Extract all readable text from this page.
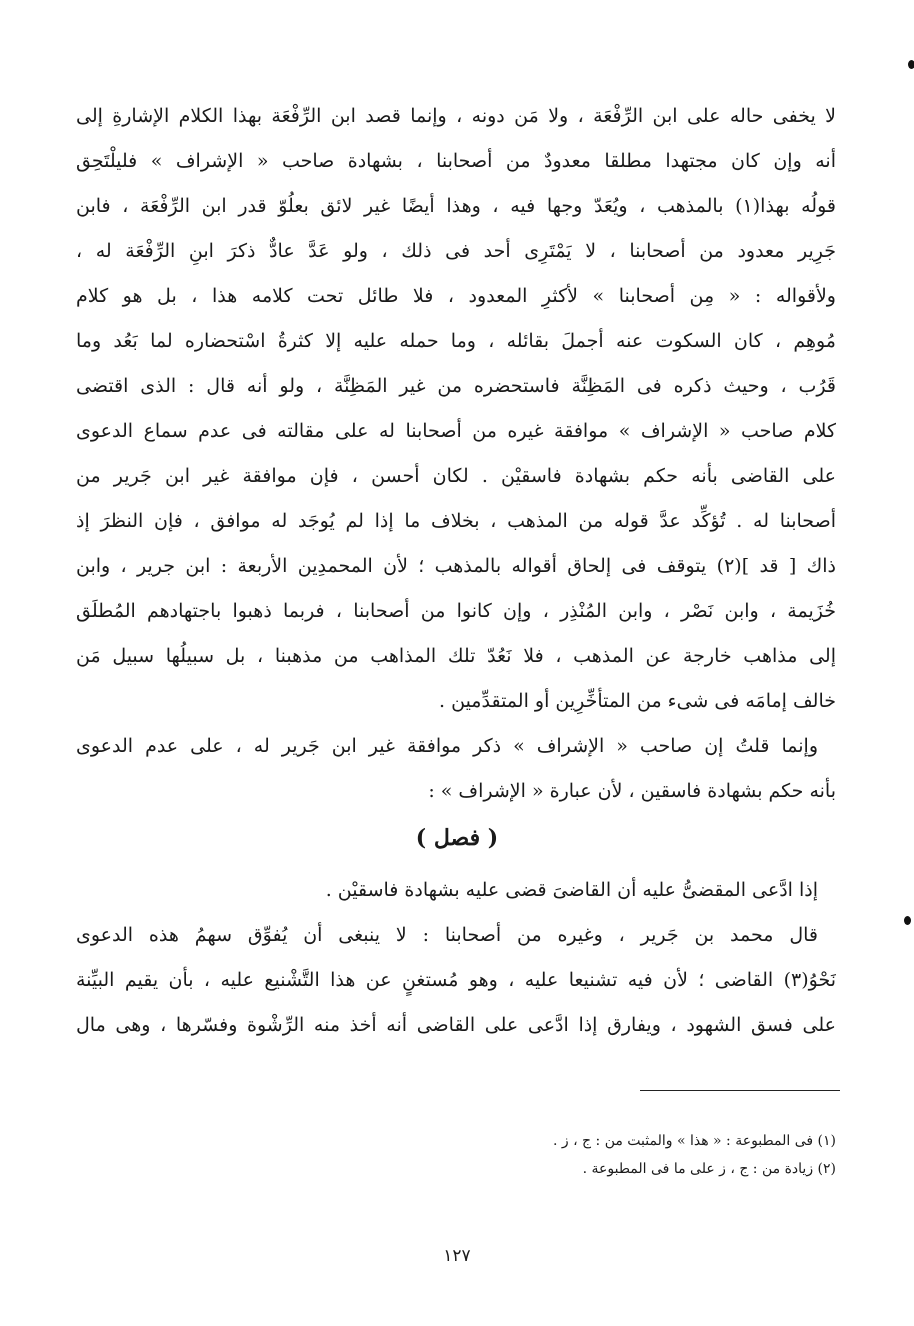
لا يخفى حاله على ابن الرِّفْعَة ، ولا مَن دونه ، وإنما قصد ابن الرِّفْعَة بهذا الكلام الإشارةِ إلى
أنه وإن كان مجتهدا مطلقا معدودٌ من أصحابنا ، بشهادة صاحب « الإشراف » فليلْتَحِق
قولُه بهذا(١) بالمذهب ، ويُعَدّ وجها فيه ، وهذا أيضًا غير لائق بعلُوّ قدر ابن الرِّفْعَة ، فابن
جَرِير معدود من أصحابنا ، لا يَمْتَرِى أحد فى ذلك ، ولو عَدَّ عادٌّ ذكرَ ابنِ الرِّفْعَة له ،
ولأقواله : « مِن أصحابنا » لأكثرِ المعدود ، فلا طائل تحت كلامه هذا ، بل هو كلام
مُوهِم ، كان السكوت عنه أجملَ بقائله ، وما حمله عليه إلا كثرةُ اسْتحضاره لما بَعُد وما
قَرُب ، وحيث ذكره فى المَظِنَّة فاستحضره من غير المَظِنَّة ، ولو أنه قال : الذى اقتضى
كلام صاحب « الإشراف » موافقة غيره من أصحابنا له على مقالته فى عدم سماع الدعوى
على القاضى بأنه حكم بشهادة فاسقيْن . لكان أحسن ، فإن موافقة غير ابن جَرير من
أصحابنا له . تُؤكِّد عدَّ قوله من المذهب ، بخلاف ما إذا لم يُوجَد له موافق ، فإن النظرَ إذ
ذاك [ قد ](٢) يتوقف فى إلحاق أقواله بالمذهب ؛ لأن المحمدِين الأربعة : ابن جرير ، وابن
خُزَيمة ، وابن نَصْر ، وابن المُنْذِر ، وإن كانوا من أصحابنا ، فربما ذهبوا باجتهادهم المُطلَق
إلى مذاهب خارجة عن المذهب ، فلا نَعُدّ تلك المذاهب من مذهبنا ، بل سبيلُها سبيل مَن
خالف إمامَه فى شىء من المتأخِّرِين أو المتقدِّمين .
وإنما قلتُ إن صاحب « الإشراف » ذكر موافقة غير ابن جَرير له ، على عدم الدعوى
بأنه حكم بشهادة فاسقين ، لأن عبارة « الإشراف » :
( فصل )
إذا ادَّعى المقضىُّ عليه أن القاضىَ قضى عليه بشهادة فاسقيْن .
قال محمد بن جَرير ، وغيره من أصحابنا : لا ينبغى أن يُفوِّق سهمُ هذه الدعوى
نَحْوُ(٣) القاضى ؛ لأن فيه تشنيعا عليه ، وهو مُستغنٍ عن هذا التَّشْنيع عليه ، بأن يقيم البيِّنة
على فسق الشهود ، ويفارق إذا ادَّعى على القاضى أنه أخذ منه الرِّشْوة وفسّرها ، وهى مال
(١) فى المطبوعة : « هذا » والمثبت من : ج ، ز .
(٢) زيادة من : ج ، ز على ما فى المطبوعة .
١٢٧
